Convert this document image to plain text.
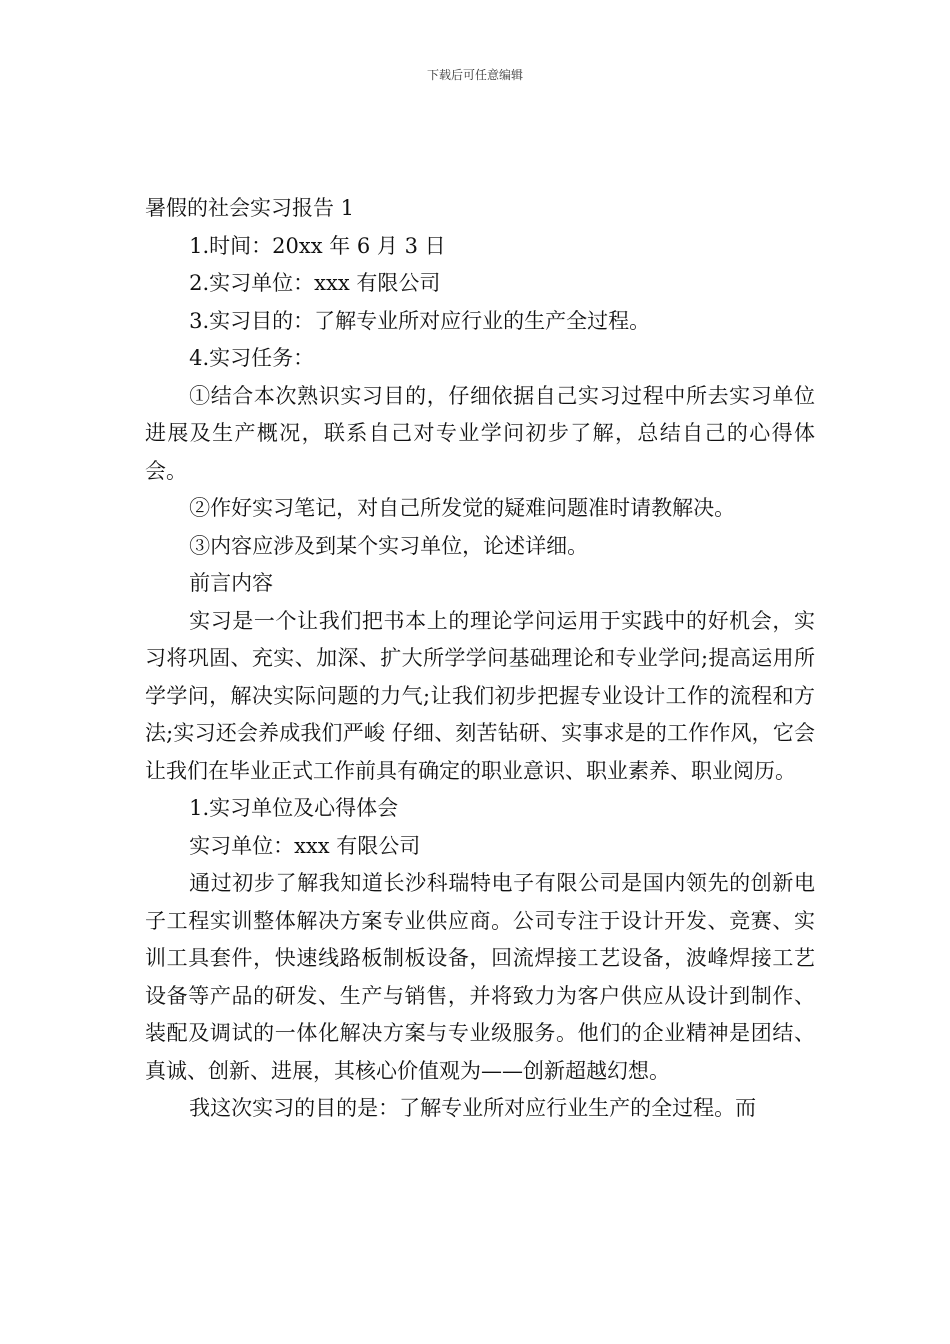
下载后可任意编辑

暑假的社会实习报告 1

1.时间：20xx 年 6 月 3 日

2.实习单位：xxx 有限公司

3.实习目的：了解专业所对应行业的生产全过程。

4.实习任务：

①结合本次熟识实习目的，仔细依据自己实习过程中所去实习单位进展及生产概况，联系自己对专业学问初步了解，总结自己的心得体会。

②作好实习笔记，对自己所发觉的疑难问题准时请教解决。

③内容应涉及到某个实习单位，论述详细。

前言内容

实习是一个让我们把书本上的理论学问运用于实践中的好机会，实习将巩固、充实、加深、扩大所学学问基础理论和专业学问;提高运用所学学问，解决实际问题的力气;让我们初步把握专业设计工作的流程和方法;实习还会养成我们严峻 仔细、刻苦钻研、实事求是的工作作风，它会让我们在毕业正式工作前具有确定的职业意识、职业素养、职业阅历。

1.实习单位及心得体会

实习单位：xxx 有限公司

通过初步了解我知道长沙科瑞特电子有限公司是国内领先的创新电子工程实训整体解决方案专业供应商。公司专注于设计开发、竞赛、实训工具套件，快速线路板制板设备，回流焊接工艺设备，波峰焊接工艺设备等产品的研发、生产与销售，并将致力为客户供应从设计到制作、装配及调试的一体化解决方案与专业级服务。他们的企业精神是团结、真诚、创新、进展，其核心价值观为——创新超越幻想。

我这次实习的目的是：了解专业所对应行业生产的全过程。而
